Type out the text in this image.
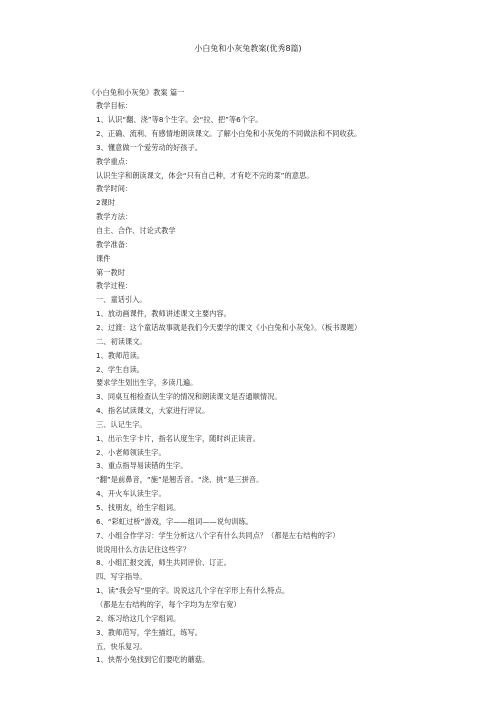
小白兔和小灰兔教案(优秀8篇)
《小白兔和小灰兔》教案 篇一
教学目标：
1、认识“翻、浇”等8个生字。会“拉、把”等6个字。
2、正确、流利、有感情地朗读课文。了解小白兔和小灰兔的不同做法和不同收获。
3、懂意做一个爱劳动的好孩子。
教学重点：
认识生字和朗读课文，体会“只有自己种，才有吃不完的菜”的意思。
教学时间：
2课时
教学方法：
自主、合作、讨论式教学
教学准备：
课件
第一教时
教学过程：
一、童话引入。
1、放动画课件，教师讲述课文主要内容。
2、过渡：这个童话故事就是我们今天要学的课文《小白兔和小灰兔》。（板书课题）
二、初读课文。
1、教师范读。
2、学生自读。
要求学生划出生字，多读几遍。
3、同桌互相检查认生字的情况和朗读课文是否通顺情况。
4、指名试读课文，大家进行评议。
三、认记生字。
1、出示生字卡片，指名认度生字，随时纠正读音。
2、小老师领读生字。
3、重点指导易读错的生字。
“翻”是前鼻音，“施”是翘舌音。“浇、挑”是三拼音。
4、开火车认读生字。
5、找朋友，给生字组词。
6、“彩虹过桥”游戏，字——组词——说句训练。
7、小组合作学习：学生分析这八个字有什么共同点？（都是左右结构的字）
说说用什么方法记住这些字？
8、小组汇报交流，师生共同评价、订正。
四、写字指导。
1、读“我会写”里的字。说说这几个字在字形上有什么特点。
（都是左右结构的字，每个字均为左窄右宽）
2、练习给这几个字组词。
3、教师范写，学生描红，练写。
五、快乐复习。
1、快帮小兔找到它们要吃的蘑菇。
